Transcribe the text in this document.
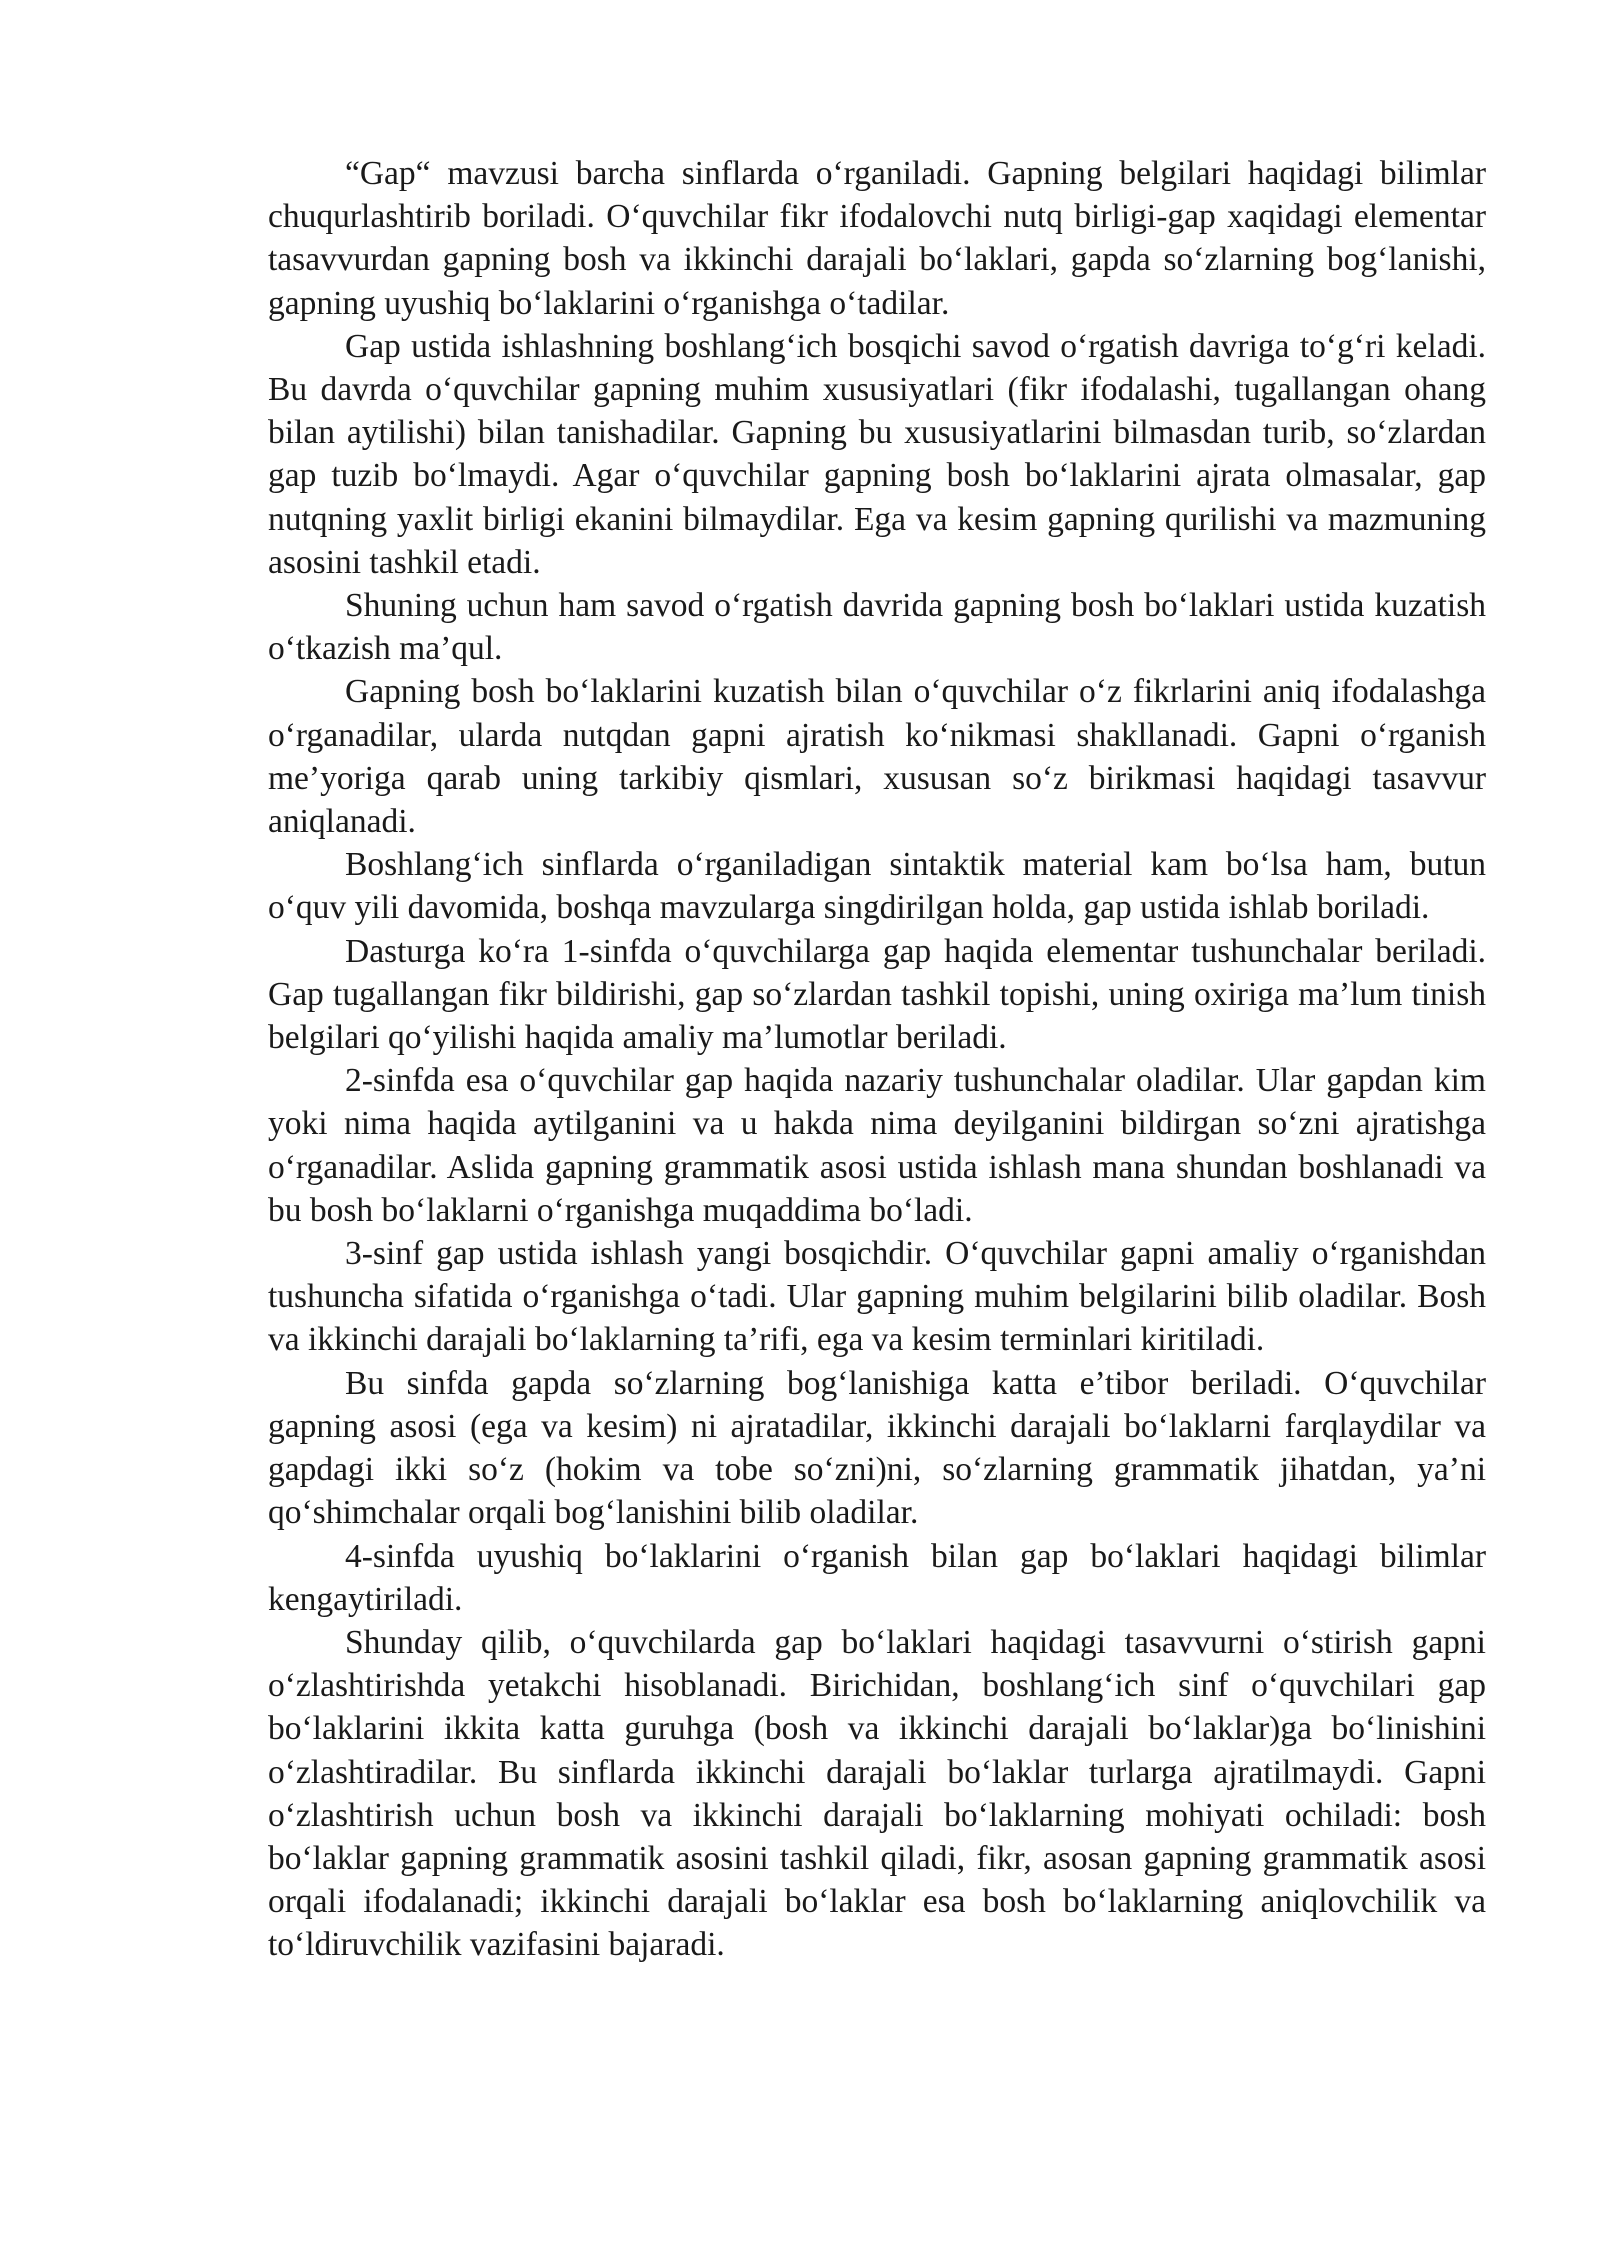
“Gap“ mavzusi barcha sinflarda o‘rganiladi. Gapning belgilari haqidagi bilimlar chuqurlashtirib boriladi. O‘quvchilar fikr ifodalovchi nutq birligi-gap xaqidagi elementar tasavvurdan gapning bosh va ikkinchi darajali bo‘laklari, gapda so‘zlarning bog‘lanishi, gapning uyushiq bo‘laklarini o‘rganishga o‘tadilar.

Gap ustida ishlashning boshlang‘ich bosqichi savod o‘rgatish davriga to‘g‘ri keladi. Bu davrda o‘quvchilar gapning muhim xususiyatlari (fikr ifodalashi, tugallangan ohang bilan aytilishi) bilan tanishadilar. Gapning bu xususiyatlarini bilmasdan turib, so‘zlardan gap tuzib bo‘lmaydi. Agar o‘quvchilar gapning bosh bo‘laklarini ajrata olmasalar, gap nutqning yaxlit birligi ekanini bilmaydilar. Ega va kesim gapning qurilishi va mazmuning asosini tashkil etadi.

Shuning uchun ham savod o‘rgatish davrida gapning bosh bo‘laklari ustida kuzatish o‘tkazish ma’qul.

Gapning bosh bo‘laklarini kuzatish bilan o‘quvchilar o‘z fikrlarini aniq ifodalashga o‘rganadilar, ularda nutqdan gapni ajratish ko‘nikmasi shakllanadi. Gapni o‘rganish me’yoriga qarab uning tarkibiy qismlari, xususan so‘z birikmasi haqidagi tasavvur aniqlanadi.

Boshlang‘ich sinflarda o‘rganiladigan sintaktik material kam bo‘lsa ham, butun o‘quv yili davomida, boshqa mavzularga singdirilgan holda, gap ustida ishlab boriladi.

Dasturga ko‘ra 1-sinfda o‘quvchilarga gap haqida elementar tushunchalar beriladi. Gap tugallangan fikr bildirishi, gap so‘zlardan tashkil topishi, uning oxiriga ma’lum tinish belgilari qo‘yilishi haqida amaliy ma’lumotlar beriladi.

2-sinfda esa o‘quvchilar gap haqida nazariy tushunchalar oladilar. Ular gapdan kim yoki nima haqida aytilganini va u hakda nima deyilganini bildirgan so‘zni ajratishga o‘rganadilar. Aslida gapning grammatik asosi ustida ishlash mana shundan boshlanadi va bu bosh bo‘laklarni o‘rganishga muqaddima bo‘ladi.

3-sinf gap ustida ishlash yangi bosqichdir. O‘quvchilar gapni amaliy o‘rganishdan tushuncha sifatida o‘rganishga o‘tadi. Ular gapning muhim belgilarini bilib oladilar. Bosh va ikkinchi darajali bo‘laklarning ta’rifi, ega va kesim terminlari kiritiladi.

Bu sinfda gapda so‘zlarning bog‘lanishiga katta e’tibor beriladi. O‘quvchilar gapning asosi (ega va kesim) ni ajratadilar, ikkinchi darajali bo‘laklarni farqlaydilar va gapdagi ikki so‘z (hokim va tobe so‘zni)ni, so‘zlarning grammatik jihatdan, ya’ni qo‘shimchalar orqali bog‘lanishini bilib oladilar.

4-sinfda uyushiq bo‘laklarini o‘rganish bilan gap bo‘laklari haqidagi bilimlar kengaytiriladi.

Shunday qilib, o‘quvchilarda gap bo‘laklari haqidagi tasavvurni o‘stirish gapni o‘zlashtirishda yetakchi hisoblanadi. Birichidan, boshlang‘ich sinf o‘quvchilari gap bo‘laklarini ikkita katta guruhga (bosh va ikkinchi darajali bo‘laklar)ga bo‘linishini o‘zlashtiradilar. Bu sinflarda ikkinchi darajali bo‘laklar turlarga ajratilmaydi. Gapni o‘zlashtirish uchun bosh va ikkinchi darajali bo‘laklarning mohiyati ochiladi: bosh bo‘laklar gapning grammatik asosini tashkil qiladi, fikr, asosan gapning grammatik asosi orqali ifodalanadi; ikkinchi darajali bo‘laklar esa bosh bo‘laklarning aniqlovchilik va to‘ldiruvchilik vazifasini bajaradi.
